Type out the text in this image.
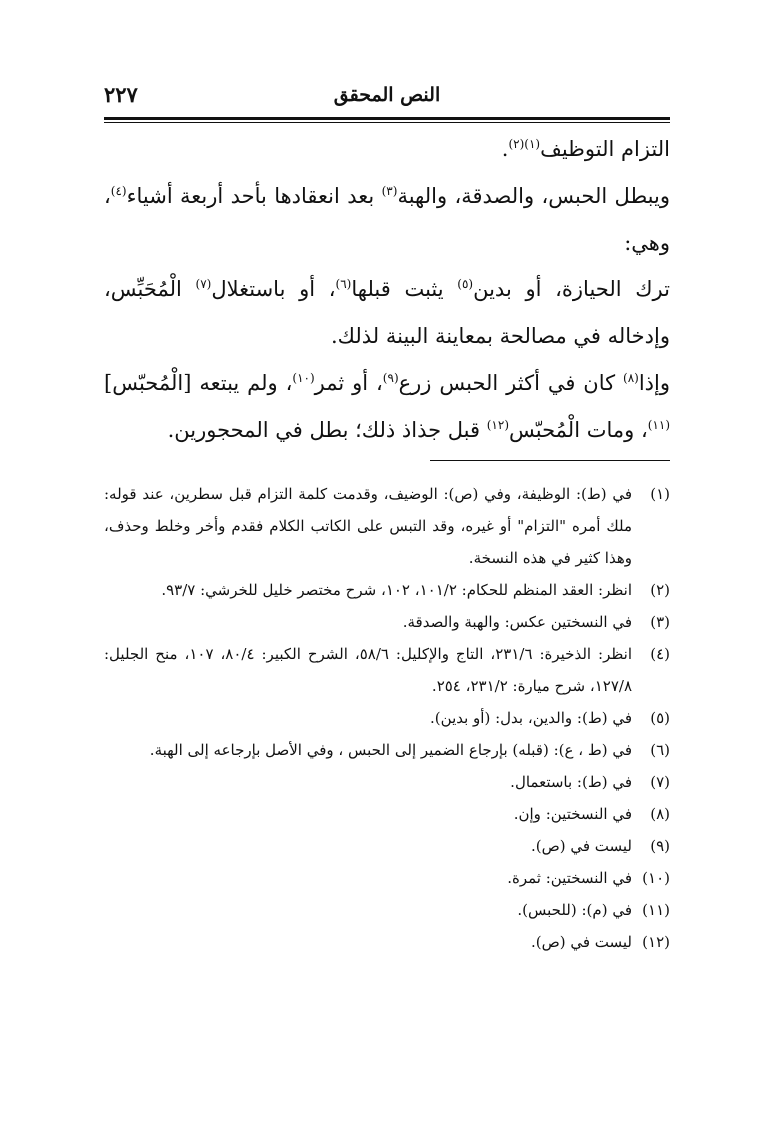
النص المحقق
٢٢٧

التزام التوظيف$^{(١)(٢)}$.

ويبطل الحبس، والصدقة، والهبة$^{(٣)}$ بعد انعقادها بأحد أربعة أشياء$^{(٤)}$، وهي:

ترك الحيازة، أو بدين$^{(٥)}$ يثبت قبلها$^{(٦)}$، أو باستغلال$^{(٧)}$ الْمُحَبِّس، وإدخاله في مصالحة بمعاينة البينة لذلك.

وإذا$^{(٨)}$ كان في أكثر الحبس زرع$^{(٩)}$، أو ثمر$^{(١٠)}$، ولم يبتعه [الْمُحبّس]$^{(١١)}$، ومات الْمُحبّس$^{(١٢)}$ قبل جذاذ ذلك؛ بطل في المحجورين.

(١)
في (ط): الوظيفة، وفي (ص): الوضيف، وقدمت كلمة التزام قبل سطرين، عند قوله: ملك أمره "التزام" أو غيره، وقد التبس على الكاتب الكلام فقدم وأخر وخلط وحذف، وهذا كثير في هذه النسخة.
(٢)
انظر: العقد المنظم للحكام: ١٠١/٢، ١٠٢، شرح مختصر خليل للخرشي: ٩٣/٧.
(٣)
في النسختين عكس: والهبة والصدقة.
(٤)
انظر: الذخيرة: ٢٣١/٦، التاج والإكليل: ٥٨/٦، الشرح الكبير: ٨٠/٤، ١٠٧، منح الجليل: ١٢٧/٨، شرح ميارة: ٢٣١/٢، ٢٥٤.
(٥)
في (ط): والدين، بدل: (أو بدين).
(٦)
في (ط ، ع): (قبله) بإرجاع الضمير إلى الحبس ، وفي الأصل بإرجاعه إلى الهبة.
(٧)
في (ط): باستعمال.
(٨)
في النسختين: وإن.
(٩)
ليست في (ص).
(١٠)
في النسختين: ثمرة.
(١١)
في (م): (للحبس).
(١٢)
ليست في (ص).
